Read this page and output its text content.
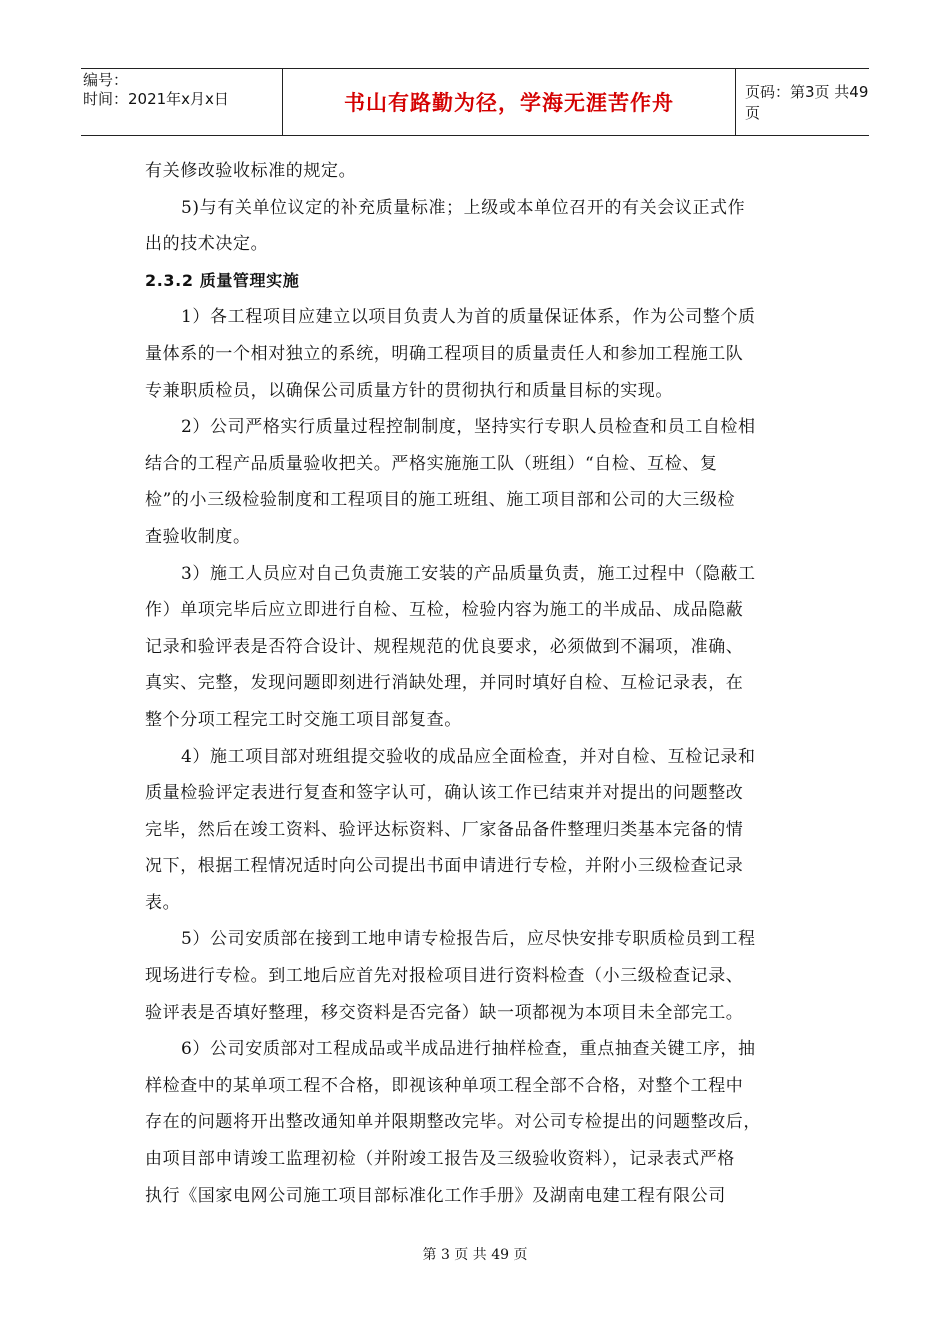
编号：
时间：2021年x月x日	书山有路勤为径，学海无涯苦作舟	页码：第3页 共49页
有关修改验收标准的规定。
5)与有关单位议定的补充质量标准；上级或本单位召开的有关会议正式作
出的技术决定。
2.3.2 质量管理实施
1）各工程项目应建立以项目负责人为首的质量保证体系，作为公司整个质
量体系的一个相对独立的系统，明确工程项目的质量责任人和参加工程施工队
专兼职质检员，以确保公司质量方针的贯彻执行和质量目标的实现。
2）公司严格实行质量过程控制制度，坚持实行专职人员检查和员工自检相
结合的工程产品质量验收把关。严格实施施工队（班组）“自检、互检、复
检”的小三级检验制度和工程项目的施工班组、施工项目部和公司的大三级检
查验收制度。
3）施工人员应对自己负责施工安装的产品质量负责，施工过程中（隐蔽工
作）单项完毕后应立即进行自检、互检，检验内容为施工的半成品、成品隐蔽
记录和验评表是否符合设计、规程规范的优良要求，必须做到不漏项，准确、
真实、完整，发现问题即刻进行消缺处理，并同时填好自检、互检记录表，在
整个分项工程完工时交施工项目部复查。
4）施工项目部对班组提交验收的成品应全面检查，并对自检、互检记录和
质量检验评定表进行复查和签字认可，确认该工作已结束并对提出的问题整改
完毕，然后在竣工资料、验评达标资料、厂家备品备件整理归类基本完备的情
况下，根据工程情况适时向公司提出书面申请进行专检，并附小三级检查记录
表。
5）公司安质部在接到工地申请专检报告后，应尽快安排专职质检员到工程
现场进行专检。到工地后应首先对报检项目进行资料检查（小三级检查记录、
验评表是否填好整理，移交资料是否完备）缺一项都视为本项目未全部完工。
6）公司安质部对工程成品或半成品进行抽样检查，重点抽查关键工序，抽
样检查中的某单项工程不合格，即视该种单项工程全部不合格，对整个工程中
存在的问题将开出整改通知单并限期整改完毕。对公司专检提出的问题整改后，
由项目部申请竣工监理初检（并附竣工报告及三级验收资料），记录表式严格
执行《国家电网公司施工项目部标准化工作手册》及湖南电建工程有限公司
第 3 页 共 49 页
